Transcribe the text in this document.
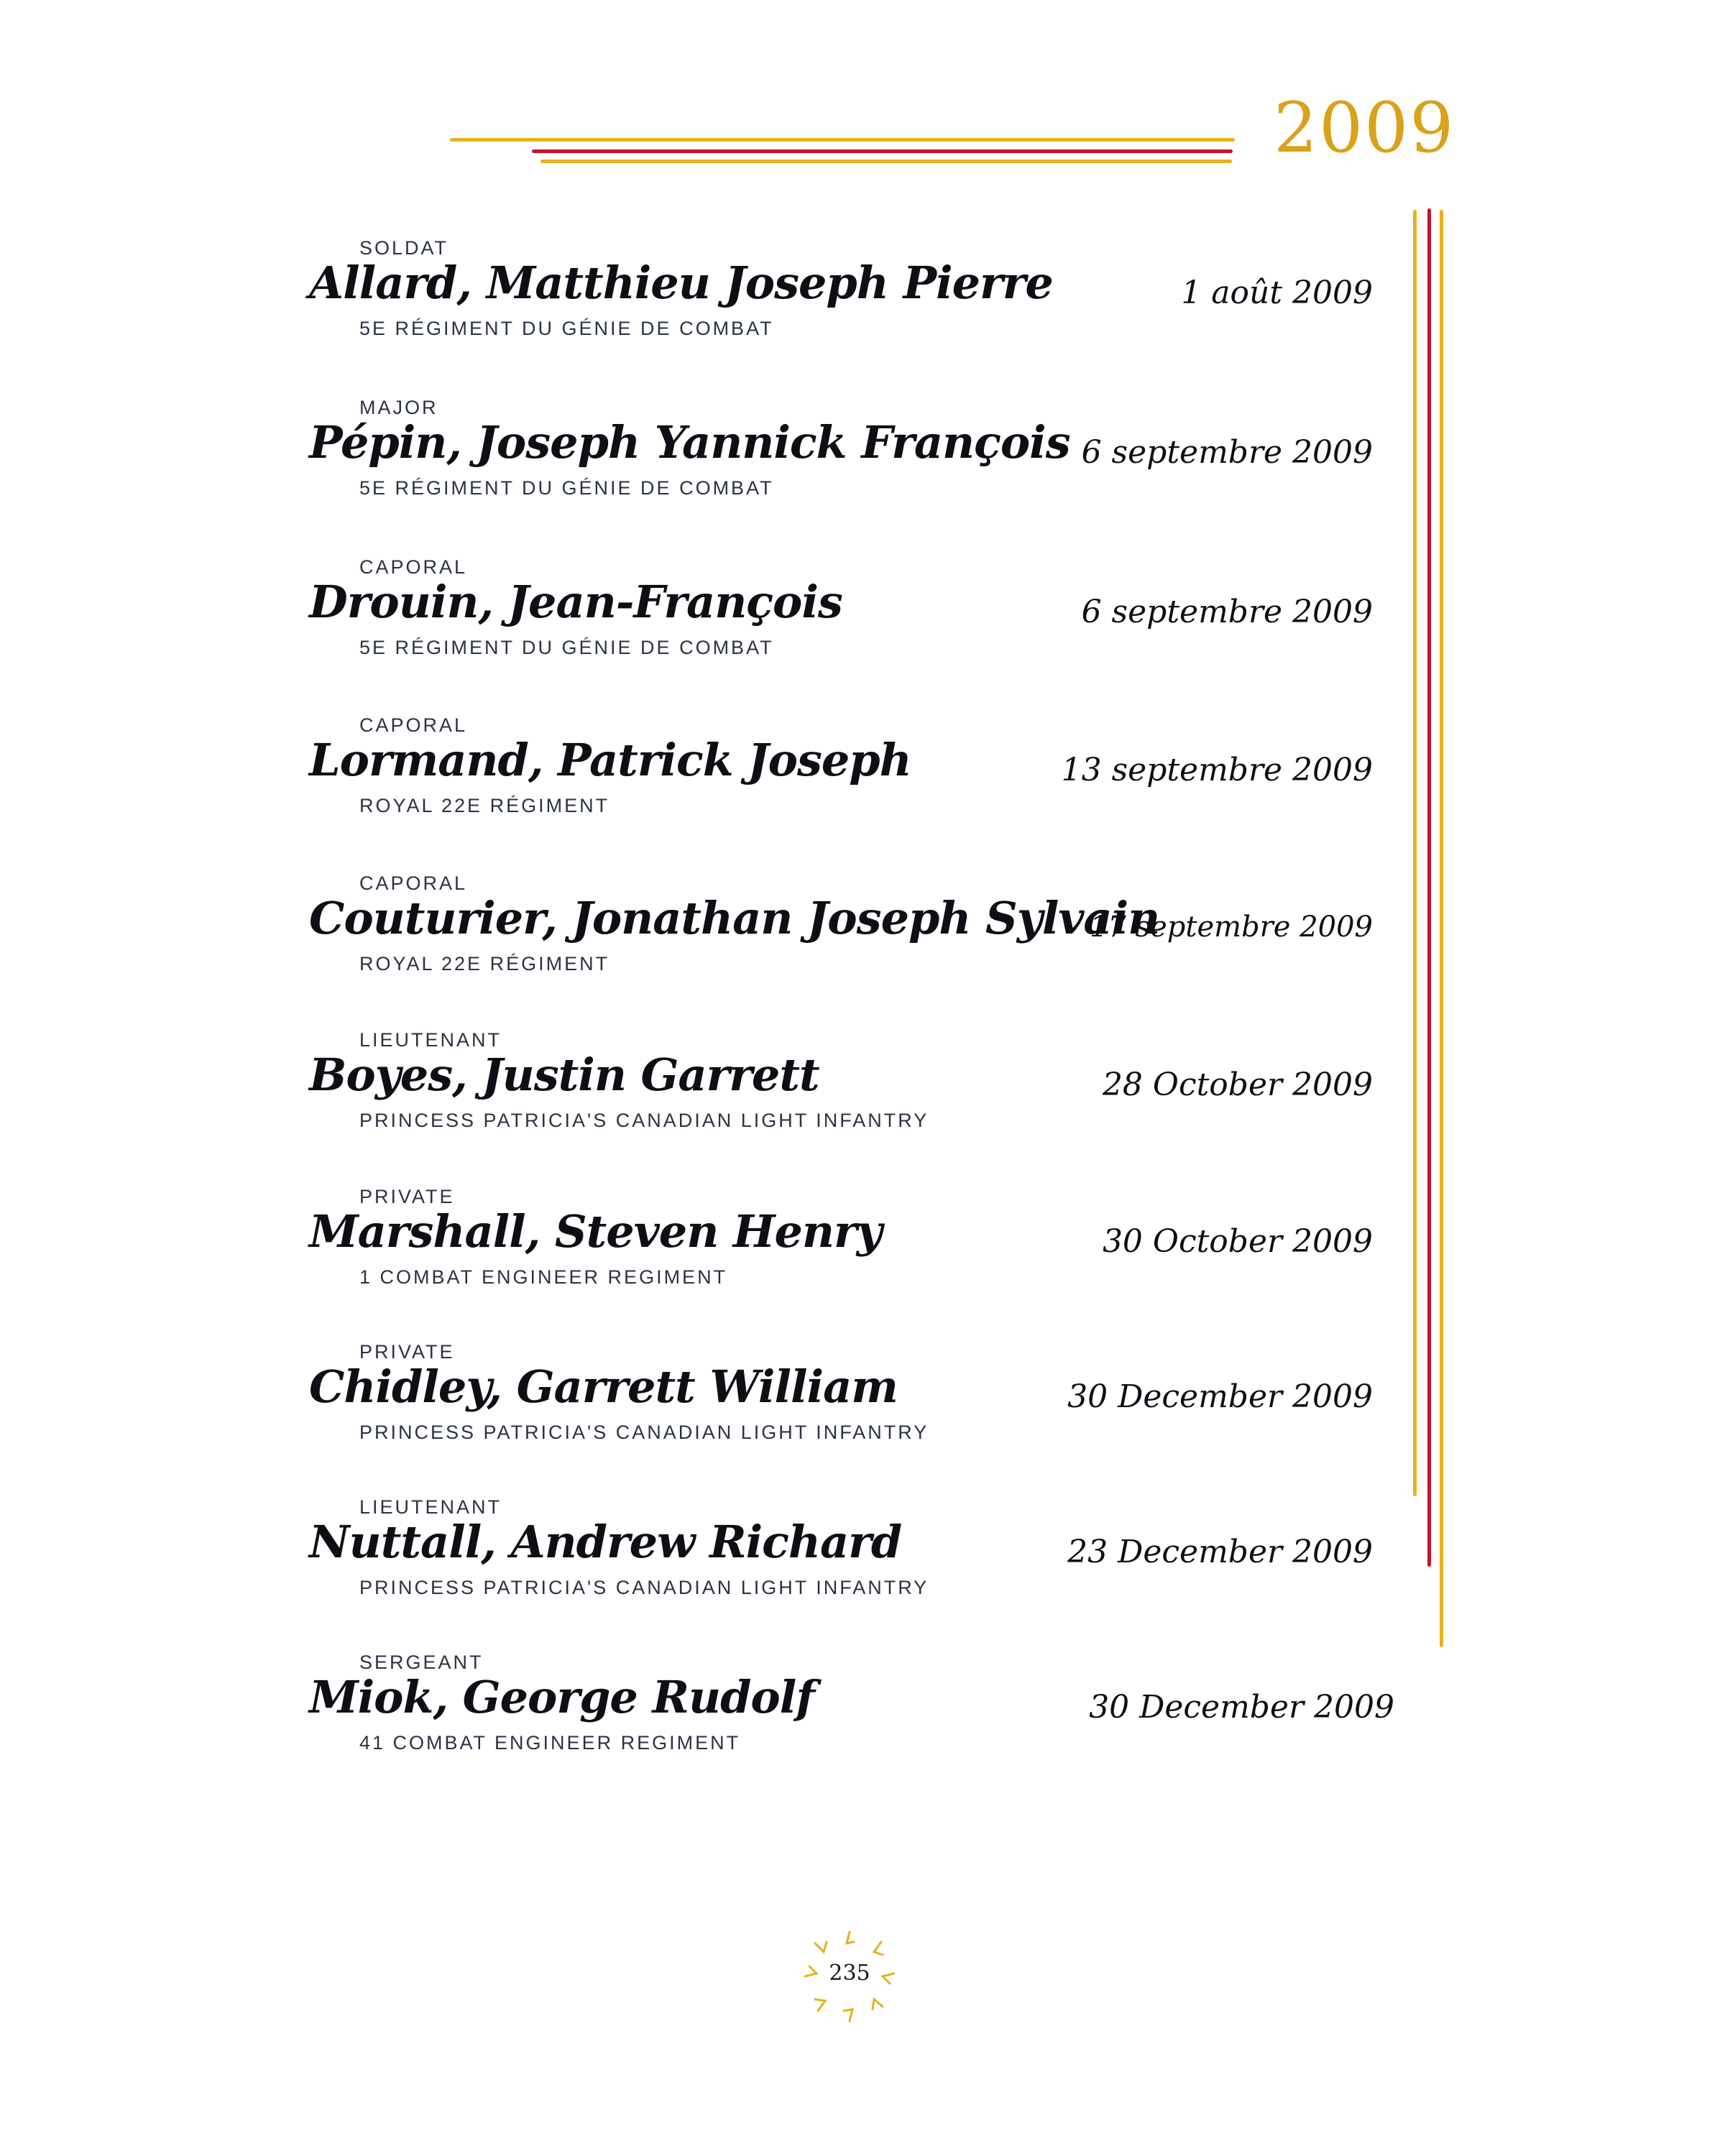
2009
SOLDAT
Allard, Matthieu Joseph Pierre
5E RÉGIMENT DU GÉNIE DE COMBAT
1 août 2009
MAJOR
Pépin, Joseph Yannick François
5E RÉGIMENT DU GÉNIE DE COMBAT
6 septembre 2009
CAPORAL
Drouin, Jean-François
5E RÉGIMENT DU GÉNIE DE COMBAT
6 septembre 2009
CAPORAL
Lormand, Patrick Joseph
ROYAL 22E RÉGIMENT
13 septembre 2009
CAPORAL
Couturier, Jonathan Joseph Sylvain
ROYAL 22E RÉGIMENT
17 septembre 2009
LIEUTENANT
Boyes, Justin Garrett
PRINCESS PATRICIA'S CANADIAN LIGHT INFANTRY
28 October 2009
PRIVATE
Marshall, Steven Henry
1 COMBAT ENGINEER REGIMENT
30 October 2009
PRIVATE
Chidley, Garrett William
PRINCESS PATRICIA'S CANADIAN LIGHT INFANTRY
30 December 2009
LIEUTENANT
Nuttall, Andrew Richard
PRINCESS PATRICIA'S CANADIAN LIGHT INFANTRY
23 December 2009
SERGEANT
Miok, George Rudolf
41 COMBAT ENGINEER REGIMENT
30 December 2009
235
